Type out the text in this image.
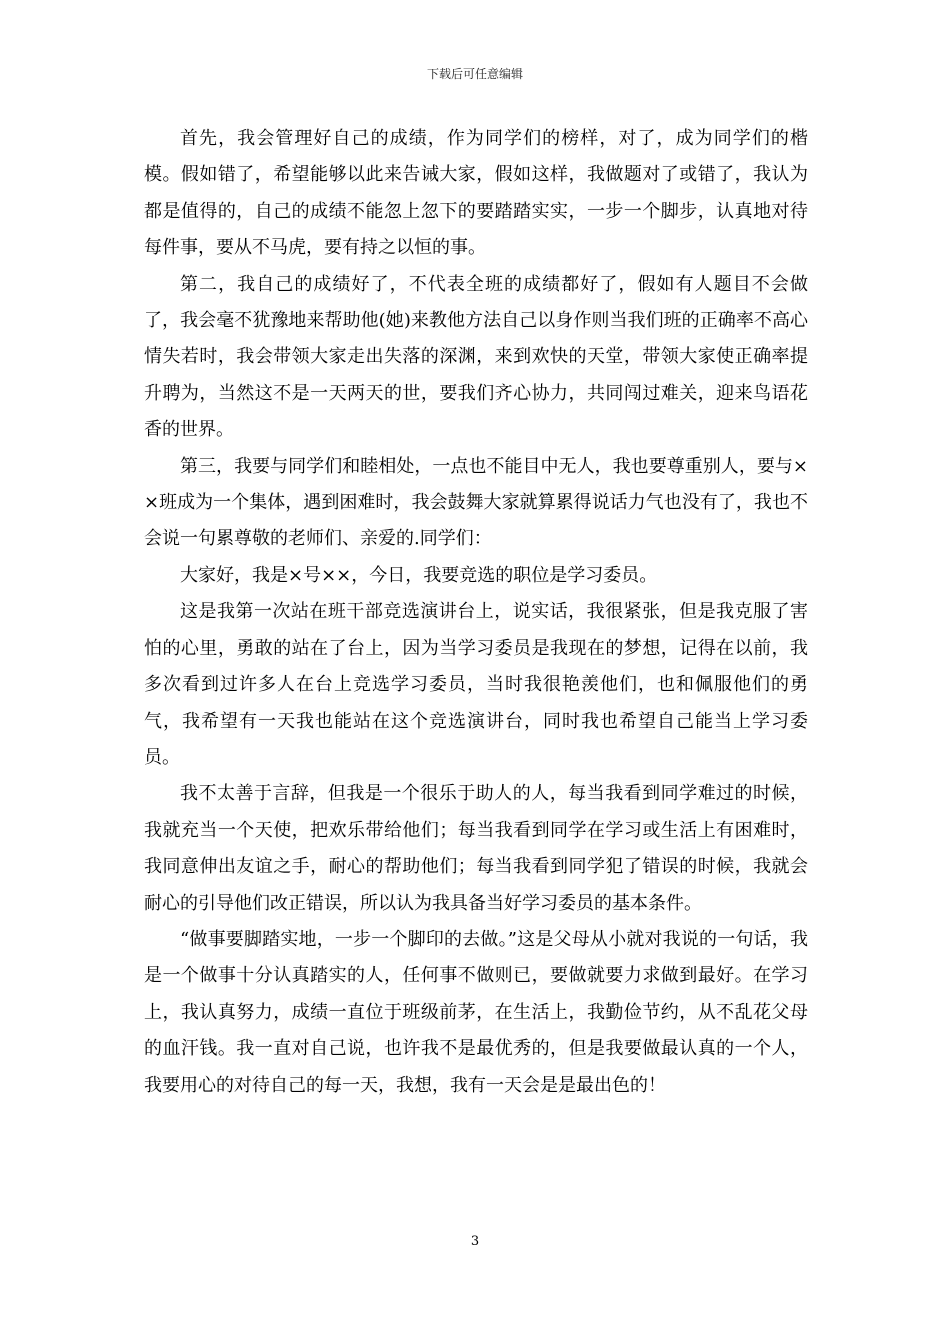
下载后可任意编辑

首先，我会管理好自己的成绩，作为同学们的榜样，对了，成为同学们的楷模。假如错了，希望能够以此来告诫大家，假如这样，我做题对了或错了，我认为都是值得的，自己的成绩不能忽上忽下的要踏踏实实，一步一个脚步，认真地对待每件事，要从不马虎，要有持之以恒的事。

第二，我自己的成绩好了，不代表全班的成绩都好了，假如有人题目不会做了，我会毫不犹豫地来帮助他(她)来教他方法自己以身作则当我们班的正确率不高心情失若时，我会带领大家走出失落的深渊，来到欢快的天堂，带领大家使正确率提升聘为，当然这不是一天两天的世，要我们齐心协力，共同闯过难关，迎来鸟语花香的世界。

第三，我要与同学们和睦相处，一点也不能目中无人，我也要尊重别人，要与××班成为一个集体，遇到困难时，我会鼓舞大家就算累得说话力气也没有了，我也不会说一句累尊敬的老师们、亲爱的.同学们：

大家好，我是×号××，今日，我要竞选的职位是学习委员。

这是我第一次站在班干部竞选演讲台上，说实话，我很紧张，但是我克服了害怕的心里，勇敢的站在了台上，因为当学习委员是我现在的梦想，记得在以前，我多次看到过许多人在台上竞选学习委员，当时我很艳羡他们，也和佩服他们的勇气，我希望有一天我也能站在这个竞选演讲台，同时我也希望自己能当上学习委员。

我不太善于言辞，但我是一个很乐于助人的人，每当我看到同学难过的时候，我就充当一个天使，把欢乐带给他们；每当我看到同学在学习或生活上有困难时，我同意伸出友谊之手，耐心的帮助他们；每当我看到同学犯了错误的时候，我就会耐心的引导他们改正错误，所以认为我具备当好学习委员的基本条件。

“做事要脚踏实地，一步一个脚印的去做。”这是父母从小就对我说的一句话，我是一个做事十分认真踏实的人，任何事不做则已，要做就要力求做到最好。在学习上，我认真努力，成绩一直位于班级前茅，在生活上，我勤俭节约，从不乱花父母的血汗钱。我一直对自己说，也许我不是最优秀的，但是我要做最认真的一个人，我要用心的对待自己的每一天，我想，我有一天会是是最出色的！

3
